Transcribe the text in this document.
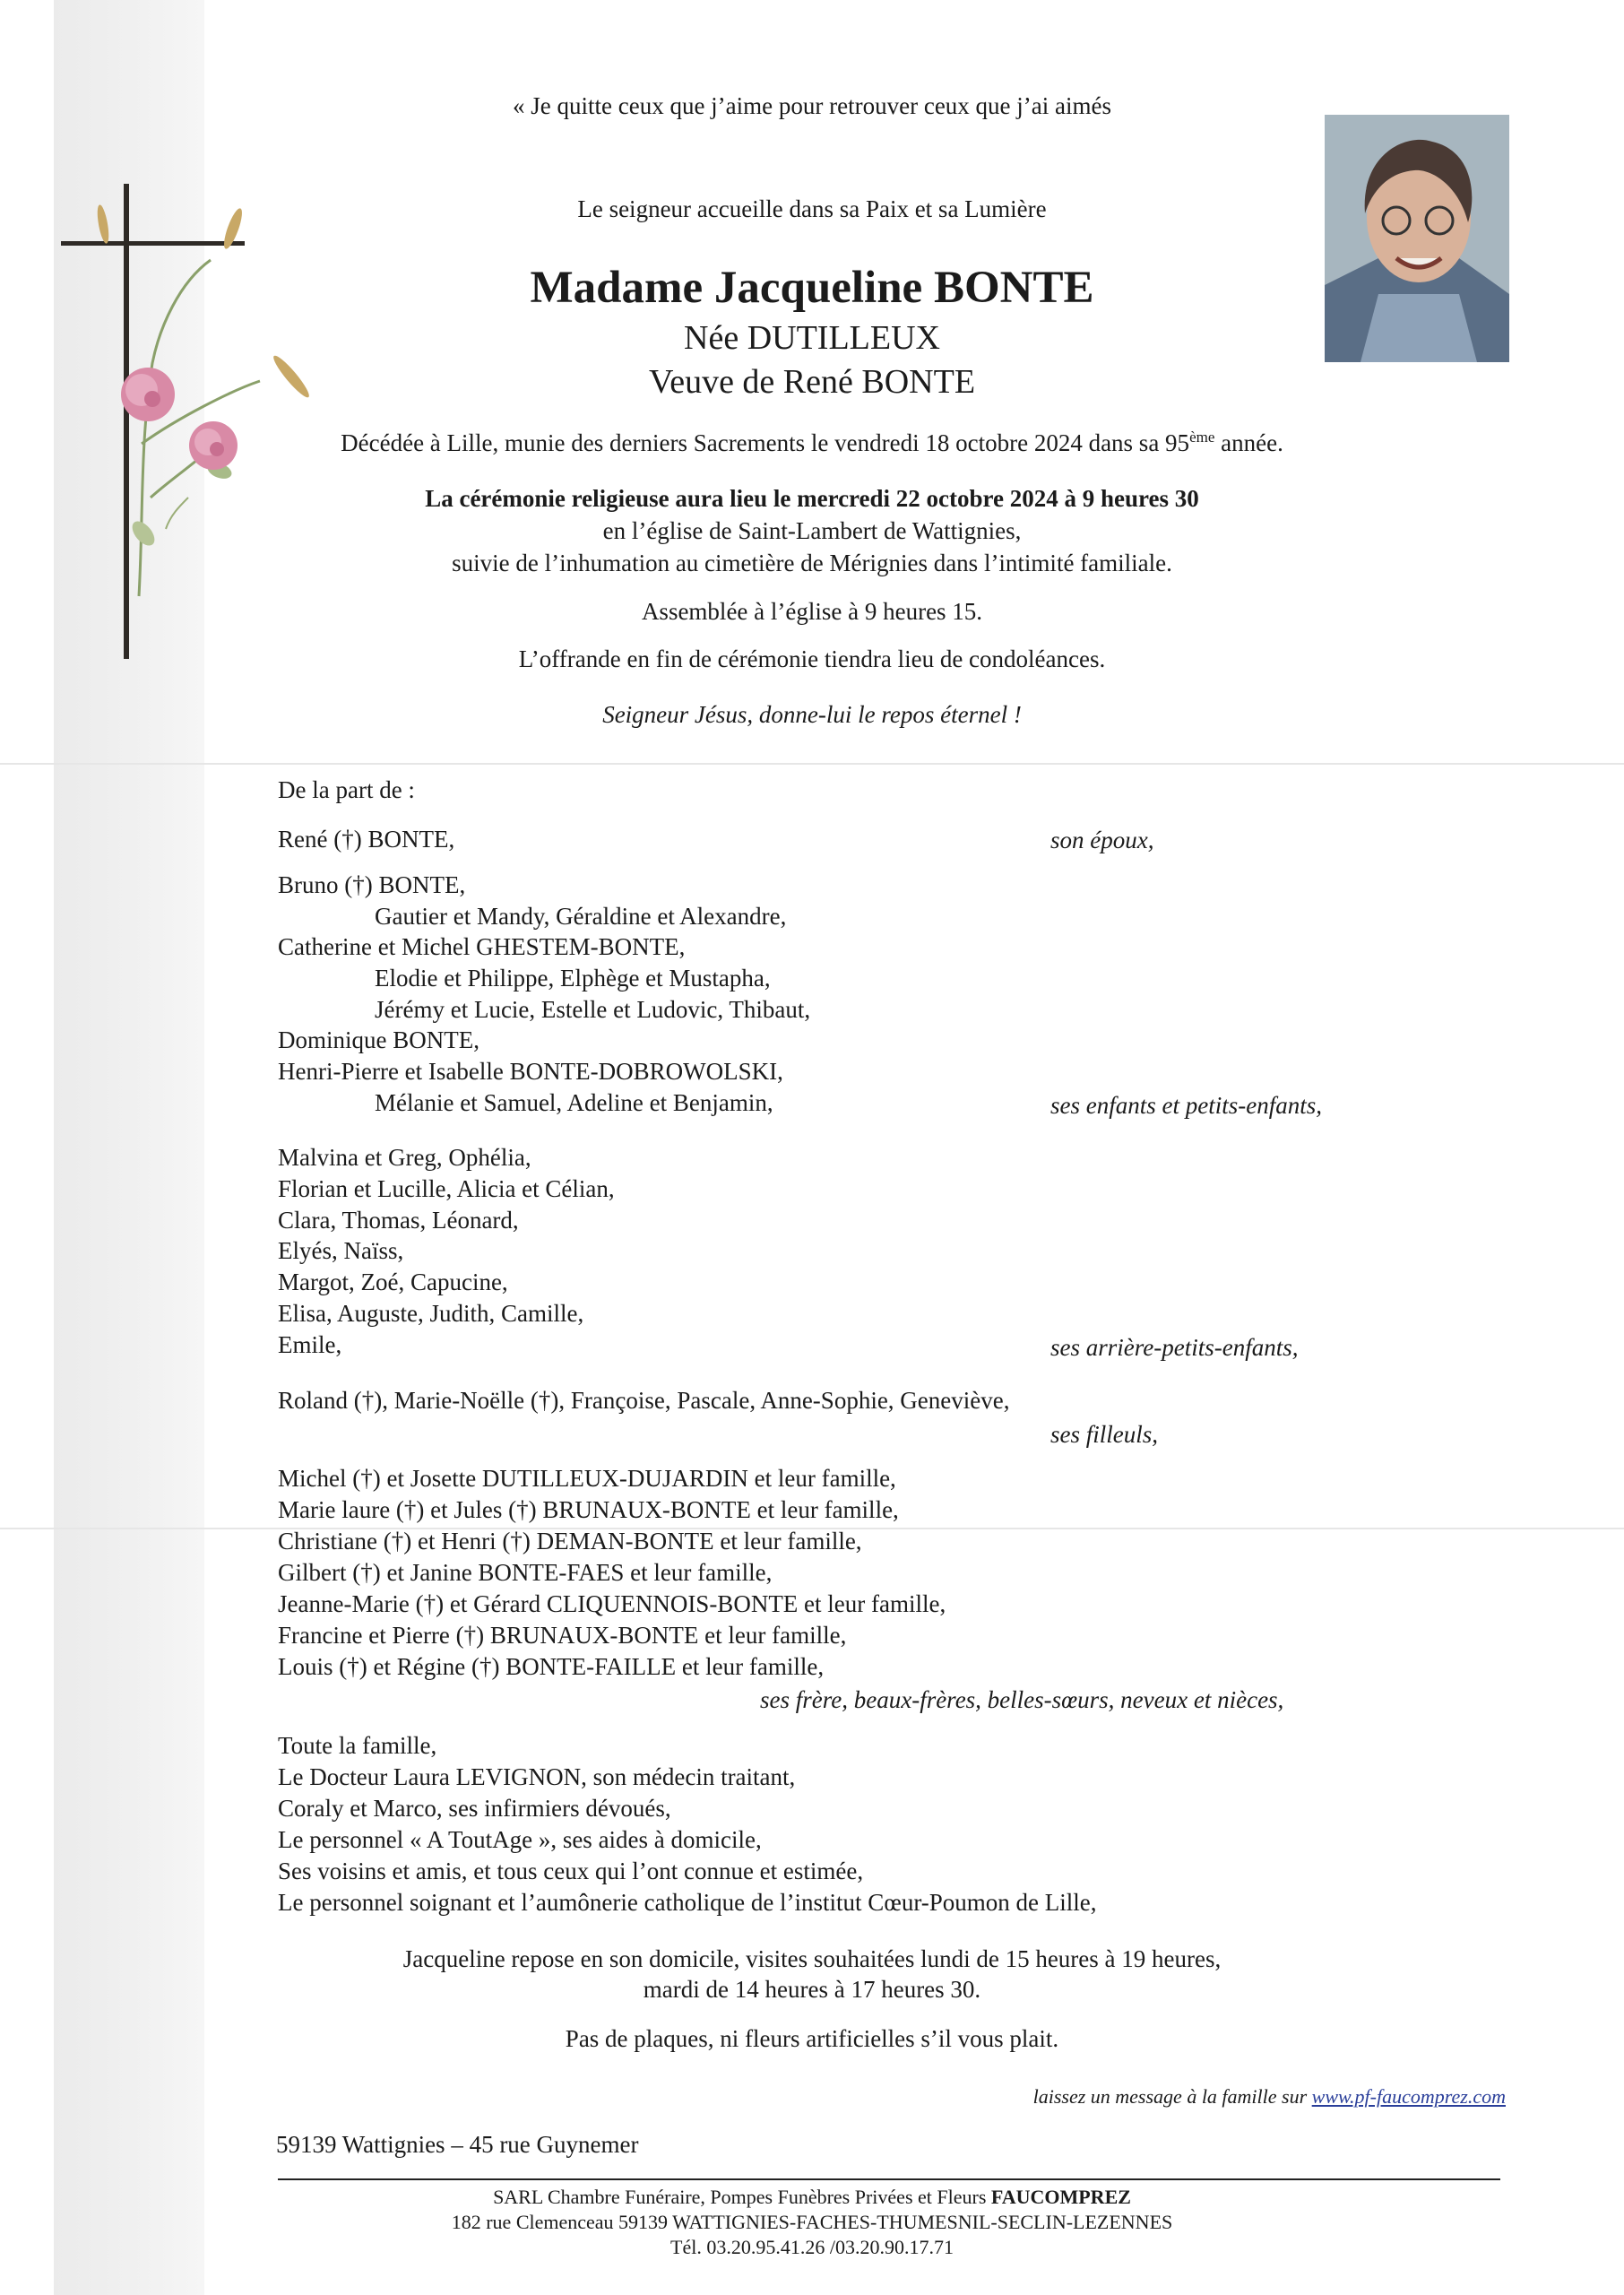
« Je quitte ceux que j’aime pour retrouver ceux que j’ai aimés
Le seigneur accueille dans sa Paix et sa Lumière
Madame Jacqueline BONTE
Née DUTILLEUX
Veuve de René BONTE
Décédée à Lille, munie des derniers Sacrements le vendredi 18 octobre 2024 dans sa 95ème année.
La cérémonie religieuse aura lieu le mercredi 22 octobre 2024 à 9 heures 30
en l’église de Saint-Lambert de Wattignies,
suivie de l’inhumation au cimetière de Mérignies dans l’intimité familiale.
Assemblée à l’église à 9 heures 15.
L’offrande en fin de cérémonie tiendra lieu de condoléances.
Seigneur Jésus, donne-lui le repos éternel !
De la part de :
René (†) BONTE,	son époux,
Bruno (†) BONTE,
Gautier et Mandy, Géraldine et Alexandre,
Catherine et Michel GHESTEM-BONTE,
Elodie et Philippe, Elphège et Mustapha,
Jérémy et Lucie, Estelle et Ludovic, Thibaut,
Dominique BONTE,
Henri-Pierre et Isabelle BONTE-DOBROWOLSKI,
Mélanie et Samuel, Adeline et Benjamin,	ses enfants et petits-enfants,
Malvina et Greg, Ophélia,
Florian et Lucille, Alicia et Célian,
Clara, Thomas, Léonard,
Elyés, Naïss,
Margot, Zoé, Capucine,
Elisa, Auguste, Judith, Camille,
Emile,	ses arrière-petits-enfants,
Roland (†), Marie-Noëlle (†), Françoise, Pascale, Anne-Sophie, Geneviève,
ses filleuls,
Michel (†) et Josette DUTILLEUX-DUJARDIN et leur famille,
Marie laure (†) et Jules (†) BRUNAUX-BONTE et leur famille,
Christiane (†) et Henri (†) DEMAN-BONTE et leur famille,
Gilbert (†) et Janine BONTE-FAES et leur famille,
Jeanne-Marie (†) et Gérard CLIQUENNOIS-BONTE et leur famille,
Francine et Pierre (†) BRUNAUX-BONTE et leur famille,
Louis (†) et Régine (†) BONTE-FAILLE et leur famille,
ses frère, beaux-frères, belles-sœurs, neveux et nièces,
Toute la famille,
Le Docteur Laura LEVIGNON, son médecin traitant,
Coraly et Marco, ses infirmiers dévoués,
Le personnel « A ToutAge », ses aides à domicile,
Ses voisins et amis, et tous ceux qui l’ont connue et estimée,
Le personnel soignant et l’aumônerie catholique de l’institut Cœur-Poumon de Lille,
Jacqueline repose en son domicile, visites souhaitées lundi de 15 heures à 19 heures,
mardi de 14 heures à 17 heures 30.
Pas de plaques, ni fleurs artificielles s’il vous plait.
laissez un message à la famille sur www.pf-faucomprez.com
59139 Wattignies – 45 rue Guynemer
SARL Chambre Funéraire, Pompes Funèbres Privées et Fleurs FAUCOMPREZ
182 rue Clemenceau 59139 WATTIGNIES-FACHES-THUMESNIL-SECLIN-LEZENNES
Tél. 03.20.95.41.26 /03.20.90.17.71
